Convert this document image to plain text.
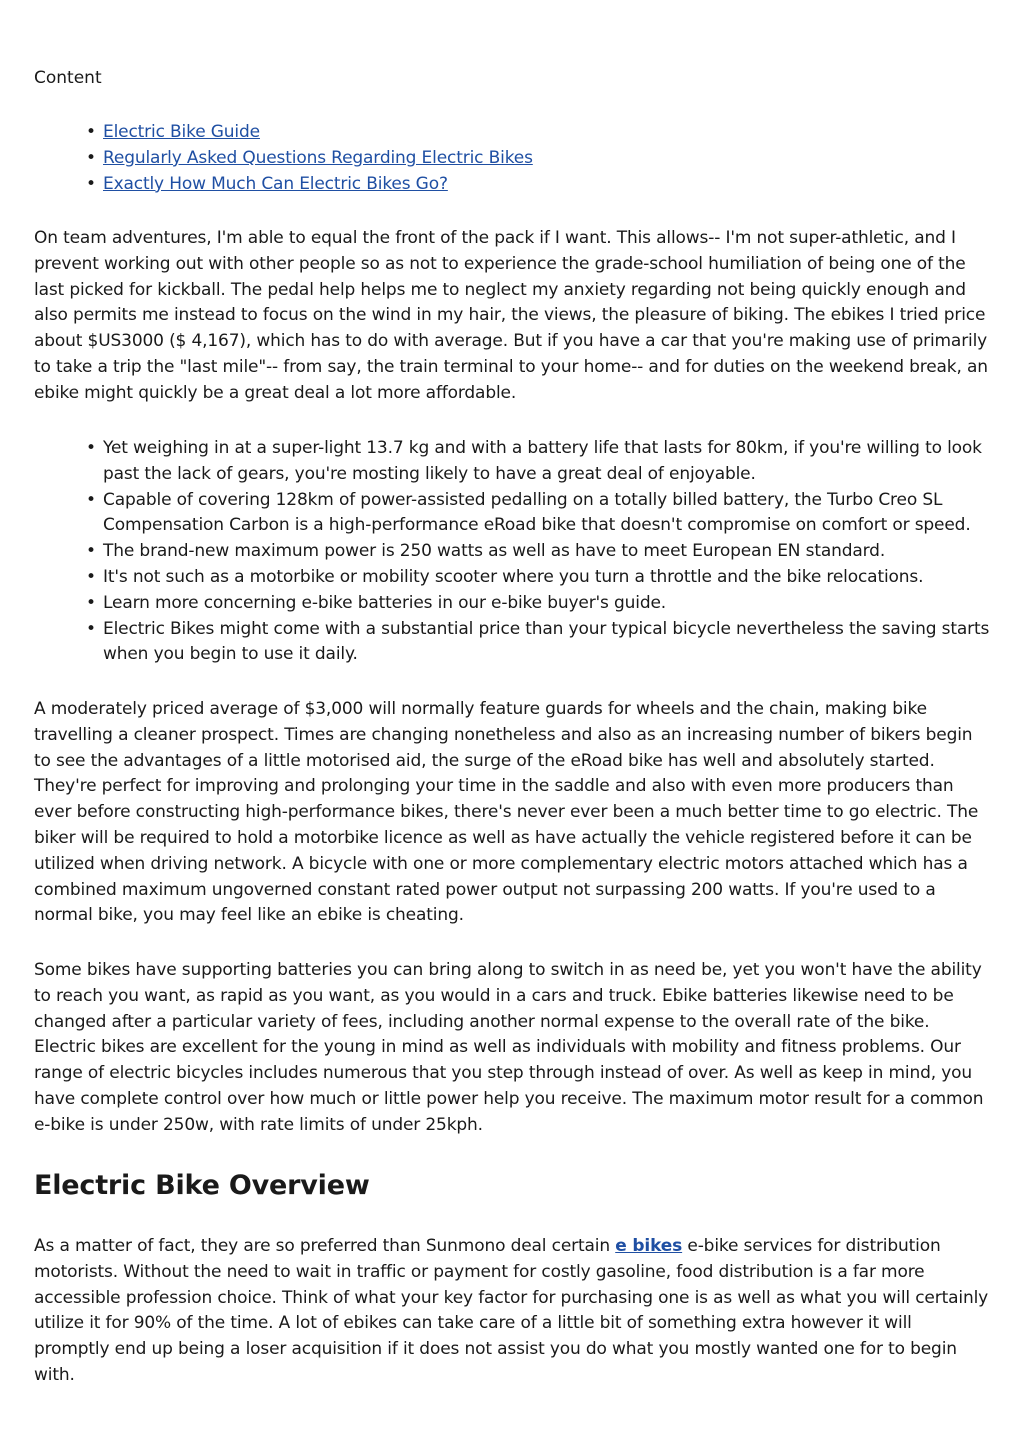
Content
• Electric Bike Guide
• Regularly Asked Questions Regarding Electric Bikes
• Exactly How Much Can Electric Bikes Go?

On team adventures, I'm able to equal the front of the pack if I want. This allows-- I'm not super-athletic, and I prevent working out with other people so as not to experience the grade-school humiliation of being one of the last picked for kickball. The pedal help helps me to neglect my anxiety regarding not being quickly enough and also permits me instead to focus on the wind in my hair, the views, the pleasure of biking. The ebikes I tried price about $US3000 ($ 4,167), which has to do with average. But if you have a car that you're making use of primarily to take a trip the "last mile"-- from say, the train terminal to your home-- and for duties on the weekend break, an ebike might quickly be a great deal a lot more affordable.

• Yet weighing in at a super-light 13.7 kg and with a battery life that lasts for 80km, if you're willing to look past the lack of gears, you're mosting likely to have a great deal of enjoyable.
• Capable of covering 128km of power-assisted pedalling on a totally billed battery, the Turbo Creo SL Compensation Carbon is a high-performance eRoad bike that doesn't compromise on comfort or speed.
• The brand-new maximum power is 250 watts as well as have to meet European EN standard.
• It's not such as a motorbike or mobility scooter where you turn a throttle and the bike relocations.
• Learn more concerning e-bike batteries in our e-bike buyer's guide.
• Electric Bikes might come with a substantial price than your typical bicycle nevertheless the saving starts when you begin to use it daily.

A moderately priced average of $3,000 will normally feature guards for wheels and the chain, making bike travelling a cleaner prospect. Times are changing nonetheless and also as an increasing number of bikers begin to see the advantages of a little motorised aid, the surge of the eRoad bike has well and absolutely started. They're perfect for improving and prolonging your time in the saddle and also with even more producers than ever before constructing high-performance bikes, there's never ever been a much better time to go electric. The biker will be required to hold a motorbike licence as well as have actually the vehicle registered before it can be utilized when driving network. A bicycle with one or more complementary electric motors attached which has a combined maximum ungoverned constant rated power output not surpassing 200 watts. If you're used to a normal bike, you may feel like an ebike is cheating.

Some bikes have supporting batteries you can bring along to switch in as need be, yet you won't have the ability to reach you want, as rapid as you want, as you would in a cars and truck. Ebike batteries likewise need to be changed after a particular variety of fees, including another normal expense to the overall rate of the bike. Electric bikes are excellent for the young in mind as well as individuals with mobility and fitness problems. Our range of electric bicycles includes numerous that you step through instead of over. As well as keep in mind, you have complete control over how much or little power help you receive. The maximum motor result for a common e-bike is under 250w, with rate limits of under 25kph.

Electric Bike Overview

As a matter of fact, they are so preferred than Sunmono deal certain e bikes e-bike services for distribution motorists. Without the need to wait in traffic or payment for costly gasoline, food distribution is a far more accessible profession choice. Think of what your key factor for purchasing one is as well as what you will certainly utilize it for 90% of the time. A lot of ebikes can take care of a little bit of something extra however it will promptly end up being a loser acquisition if it does not assist you do what you mostly wanted one for to begin with.
